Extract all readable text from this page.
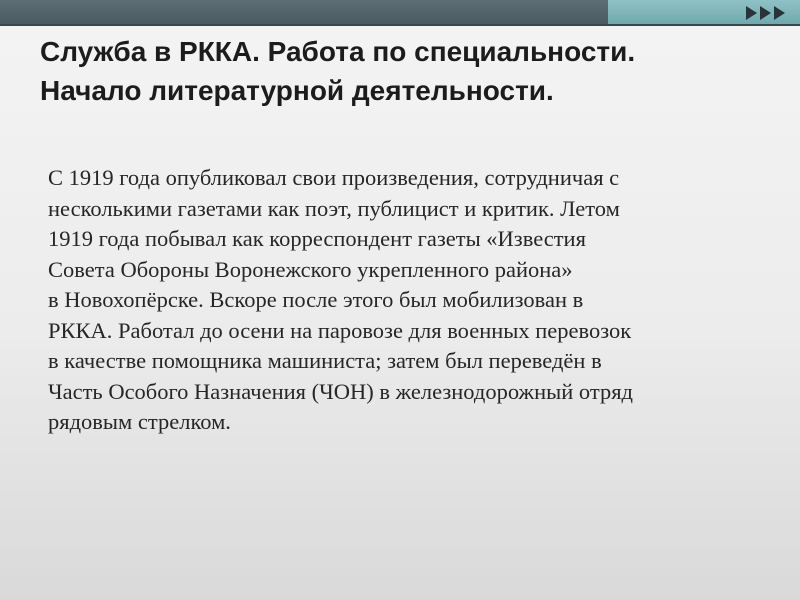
Служба в РККА. Работа по специальности.
Начало литературной деятельности.
С 1919 года опубликовал свои произведения, сотрудничая с
несколькими газетами как поэт, публицист и критик. Летом
1919 года побывал как корреспондент газеты «Известия
Совета Обороны Воронежского укрепленного района»
в Новохопёрске. Вскоре после этого был мобилизован в
РККА. Работал до осени на паровозе для военных перевозок
в качестве помощника машиниста; затем был переведён в
Часть Особого Назначения (ЧОН) в железнодорожный отряд
рядовым стрелком.
